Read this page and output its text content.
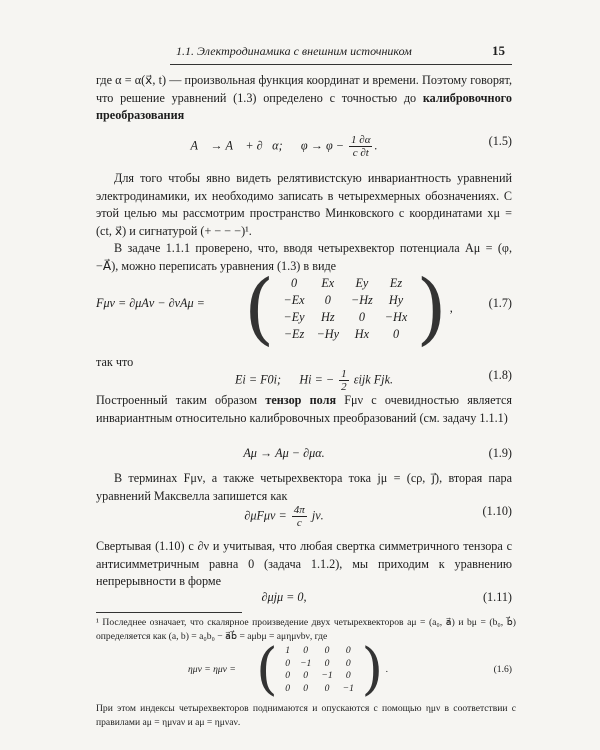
1.1. Электродинамика с внешним источником	15
где α = α(x⃗, t) — произвольная функция координат и времени. Поэтому говорят, что решение уравнений (1.3) определено с точностью до калибровочного преобразования
A⃗ → A⃗ + ∂⃗α; $\varphi \to \varphi - \frac{1 \partial\alpha}{c \partial t}$ .	(1.5)
Для того чтобы явно видеть релятивистскую инвариантность уравнений электродинамики, их необходимо записать в четырехмерных обозначениях. С этой целью мы рассмотрим пространство Минковского с координатами xμ = (ct, x⃗) и сигнатурой (+ − − −)¹.
В задаче 1.1.1 проверено, что, вводя четырехвектор потенциала Aμ = (φ, −A⃗), можно переписать уравнения (1.3) в виде
Fμν = ∂μAν − ∂νAμ = ( 0	Ex	Ey	Ez
−Ex	0	−Hz	Hy
−Ey	Hz	0	−Hx
−Ez	−Hy	Hx	0 ) ,	(1.7)
так что
Ei = F0i; Hi = − $\frac{1}{2}$ εijk Fjk.	(1.8)
Построенный таким образом тензор поля Fμν с очевидностью является инвариантным относительно калибровочных преобразований (см. задачу 1.1.1)
Aμ → Aμ − ∂μα.	(1.9)
В терминах Fμν, а также четырехвектора тока jμ = (cρ, j⃗), вторая пара уравнений Максвелла запишется как
$\partial\mu F\mu\nu = \frac{4\pi}{c} j\nu$.	(1.10)
Свертывая (1.10) с ∂ν и учитывая, что любая свертка симметричного тензора с антисимметричным равна 0 (задача 1.1.2), мы приходим к уравнению непрерывности в форме
∂μjμ = 0,	(1.11)
¹ Последнее означает, что скалярное произведение двух четырехвекторов aμ = (a₀, a⃗) и bμ = (b₀, b⃗) определяется как (a, b) = a₀b₀ − a⃗b⃗ = aμbμ = aμημνbν, где
ημν = ημν = ( 1	0	0	0
0	−1	0	0
0	0	−1	0
0	0	0	−1 ) .	(1.6)
При этом индексы четырехвекторов поднимаются и опускаются с помощью ημν в соответствии с правилами aμ = ημνaν и aμ = ημνaν.
